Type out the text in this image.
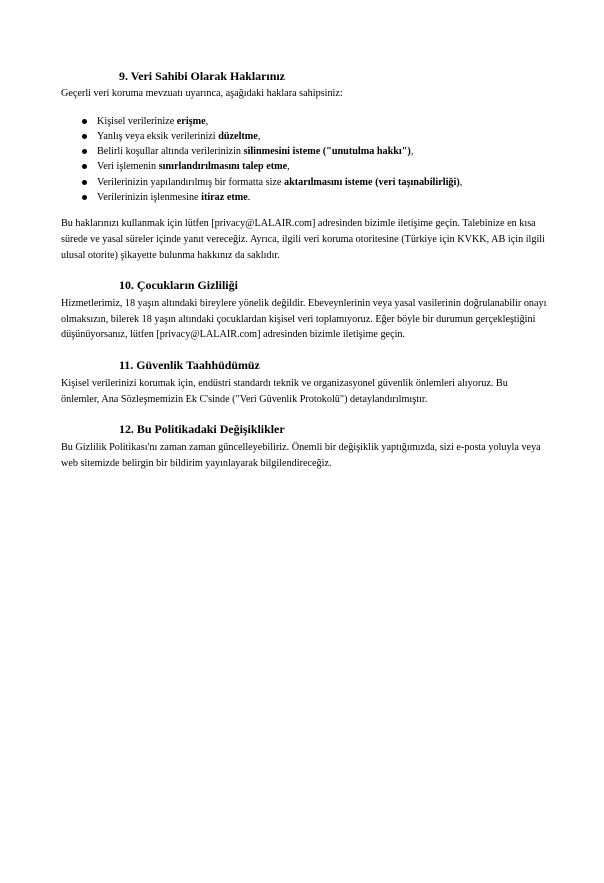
9. Veri Sahibi Olarak Haklarınız

Geçerli veri koruma mevzuatı uyarınca, aşağıdaki haklara sahipsiniz:

Kişisel verilerinize erişme,
Yanlış veya eksik verilerinizi düzeltme,
Belirli koşullar altında verilerinizin silinmesini isteme ("unutulma hakkı"),
Veri işlemenin sınırlandırılmasını talep etme,
Verilerinizin yapılandırılmış bir formatta size aktarılmasını isteme (veri taşınabilirliği),
Verilerinizin işlenmesine itiraz etme.

Bu haklarınızı kullanmak için lütfen [privacy@LALAIR.com] adresinden bizimle iletişime geçin. Talebinize en kısa sürede ve yasal süreler içinde yanıt vereceğiz. Ayrıca, ilgili veri koruma otoritesine (Türkiye için KVKK, AB için ilgili ulusal otorite) şikayette bulunma hakkınız da saklıdır.

10. Çocukların Gizliliği

Hizmetlerimiz, 18 yaşın altındaki bireylere yönelik değildir. Ebeveynlerinin veya yasal vasilerinin doğrulanabilir onayı olmaksızın, bilerek 18 yaşın altındaki çocuklardan kişisel veri toplamıyoruz. Eğer böyle bir durumun gerçekleştiğini düşünüyorsanız, lütfen [privacy@LALAIR.com] adresinden bizimle iletişime geçin.

11. Güvenlik Taahhüdümüz

Kişisel verilerinizi korumak için, endüstri standardı teknik ve organizasyonel güvenlik önlemleri alıyoruz. Bu önlemler, Ana Sözleşmemizin Ek C'sinde ("Veri Güvenlik Protokolü") detaylandırılmıştır.

12. Bu Politikadaki Değişiklikler

Bu Gizlilik Politikası'nı zaman zaman güncelleyebiliriz. Önemli bir değişiklik yaptığımızda, sizi e-posta yoluyla veya web sitemizde belirgin bir bildirim yayınlayarak bilgilendireceğiz.
